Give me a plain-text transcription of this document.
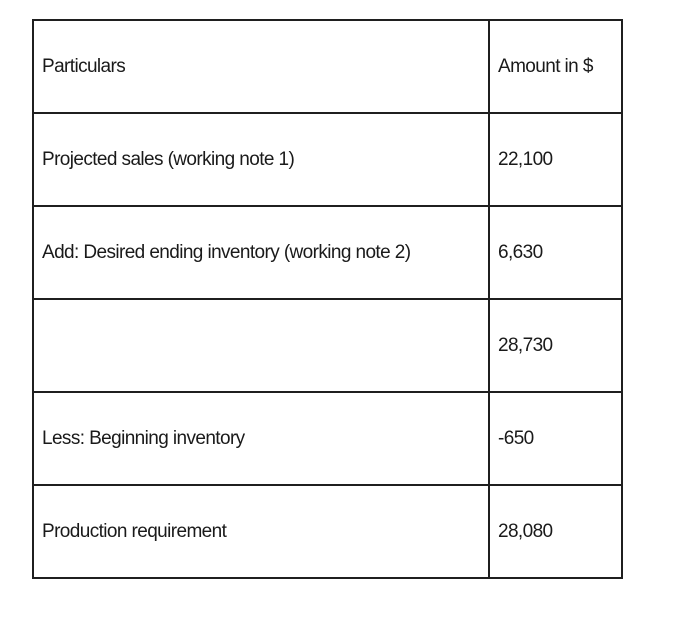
Particulars	Amount in $
Projected sales (working note 1)	22,100
Add: Desired ending inventory (working note 2)	6,630
	28,730
Less: Beginning inventory	-650
Production requirement	28,080
